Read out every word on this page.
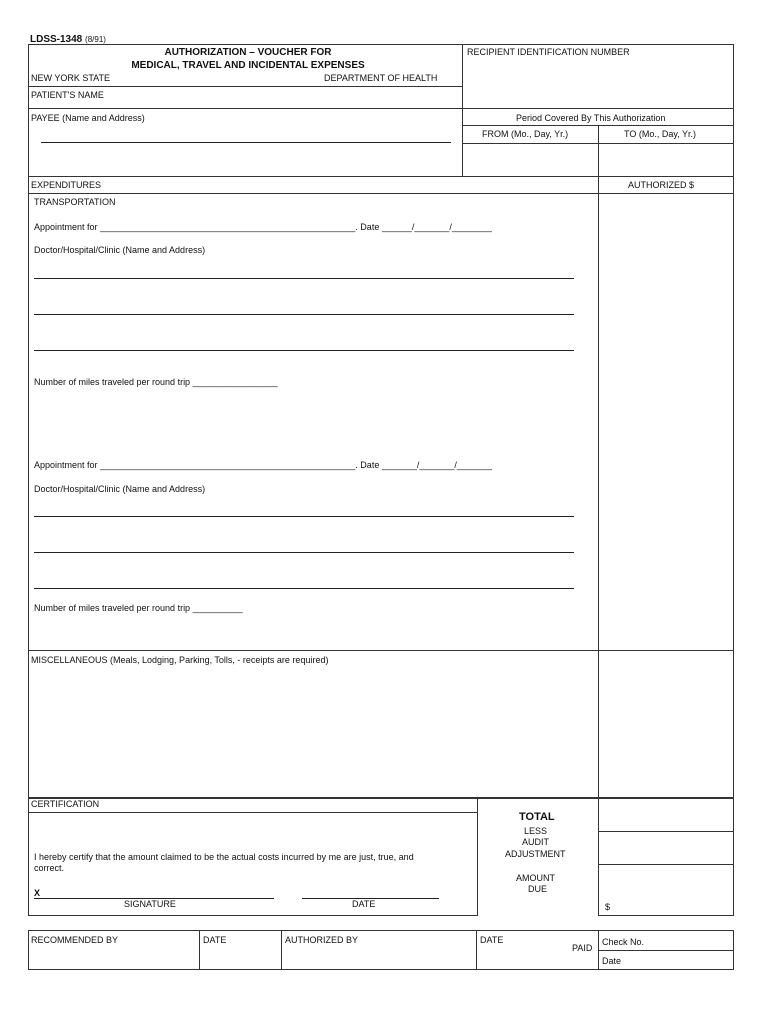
LDSS-1348 (8/91)
AUTHORIZATION – VOUCHER FOR
MEDICAL, TRAVEL AND INCIDENTAL EXPENSES
NEW YORK STATE	DEPARTMENT OF HEALTH
RECIPIENT IDENTIFICATION NUMBER
PATIENT'S NAME
PAYEE (Name and Address)	Period Covered By This Authorization
FROM (Mo., Day, Yr.)	TO (Mo., Day, Yr.)
EXPENDITURES	AUTHORIZED $
TRANSPORTATION
Appointment for ___________________________________________________. Date ______/_______/________
Doctor/Hospital/Clinic (Name and Address)
Number of miles traveled per round trip _________________
Appointment for ___________________________________________________. Date _______/_______/_______
Doctor/Hospital/Clinic (Name and Address)
Number of miles traveled per round trip __________
MISCELLANEOUS (Meals, Lodging, Parking, Tolls, - receipts are required)
CERTIFICATION
I hereby certify that the amount claimed to be the actual costs incurred by me are just, true, and
correct.
X
SIGNATURE	DATE
TOTAL
LESS
AUDIT
ADJUSTMENT
AMOUNT
DUE
$
RECOMMENDED BY	DATE	AUTHORIZED BY	DATE
PAID
Check No.
Date
